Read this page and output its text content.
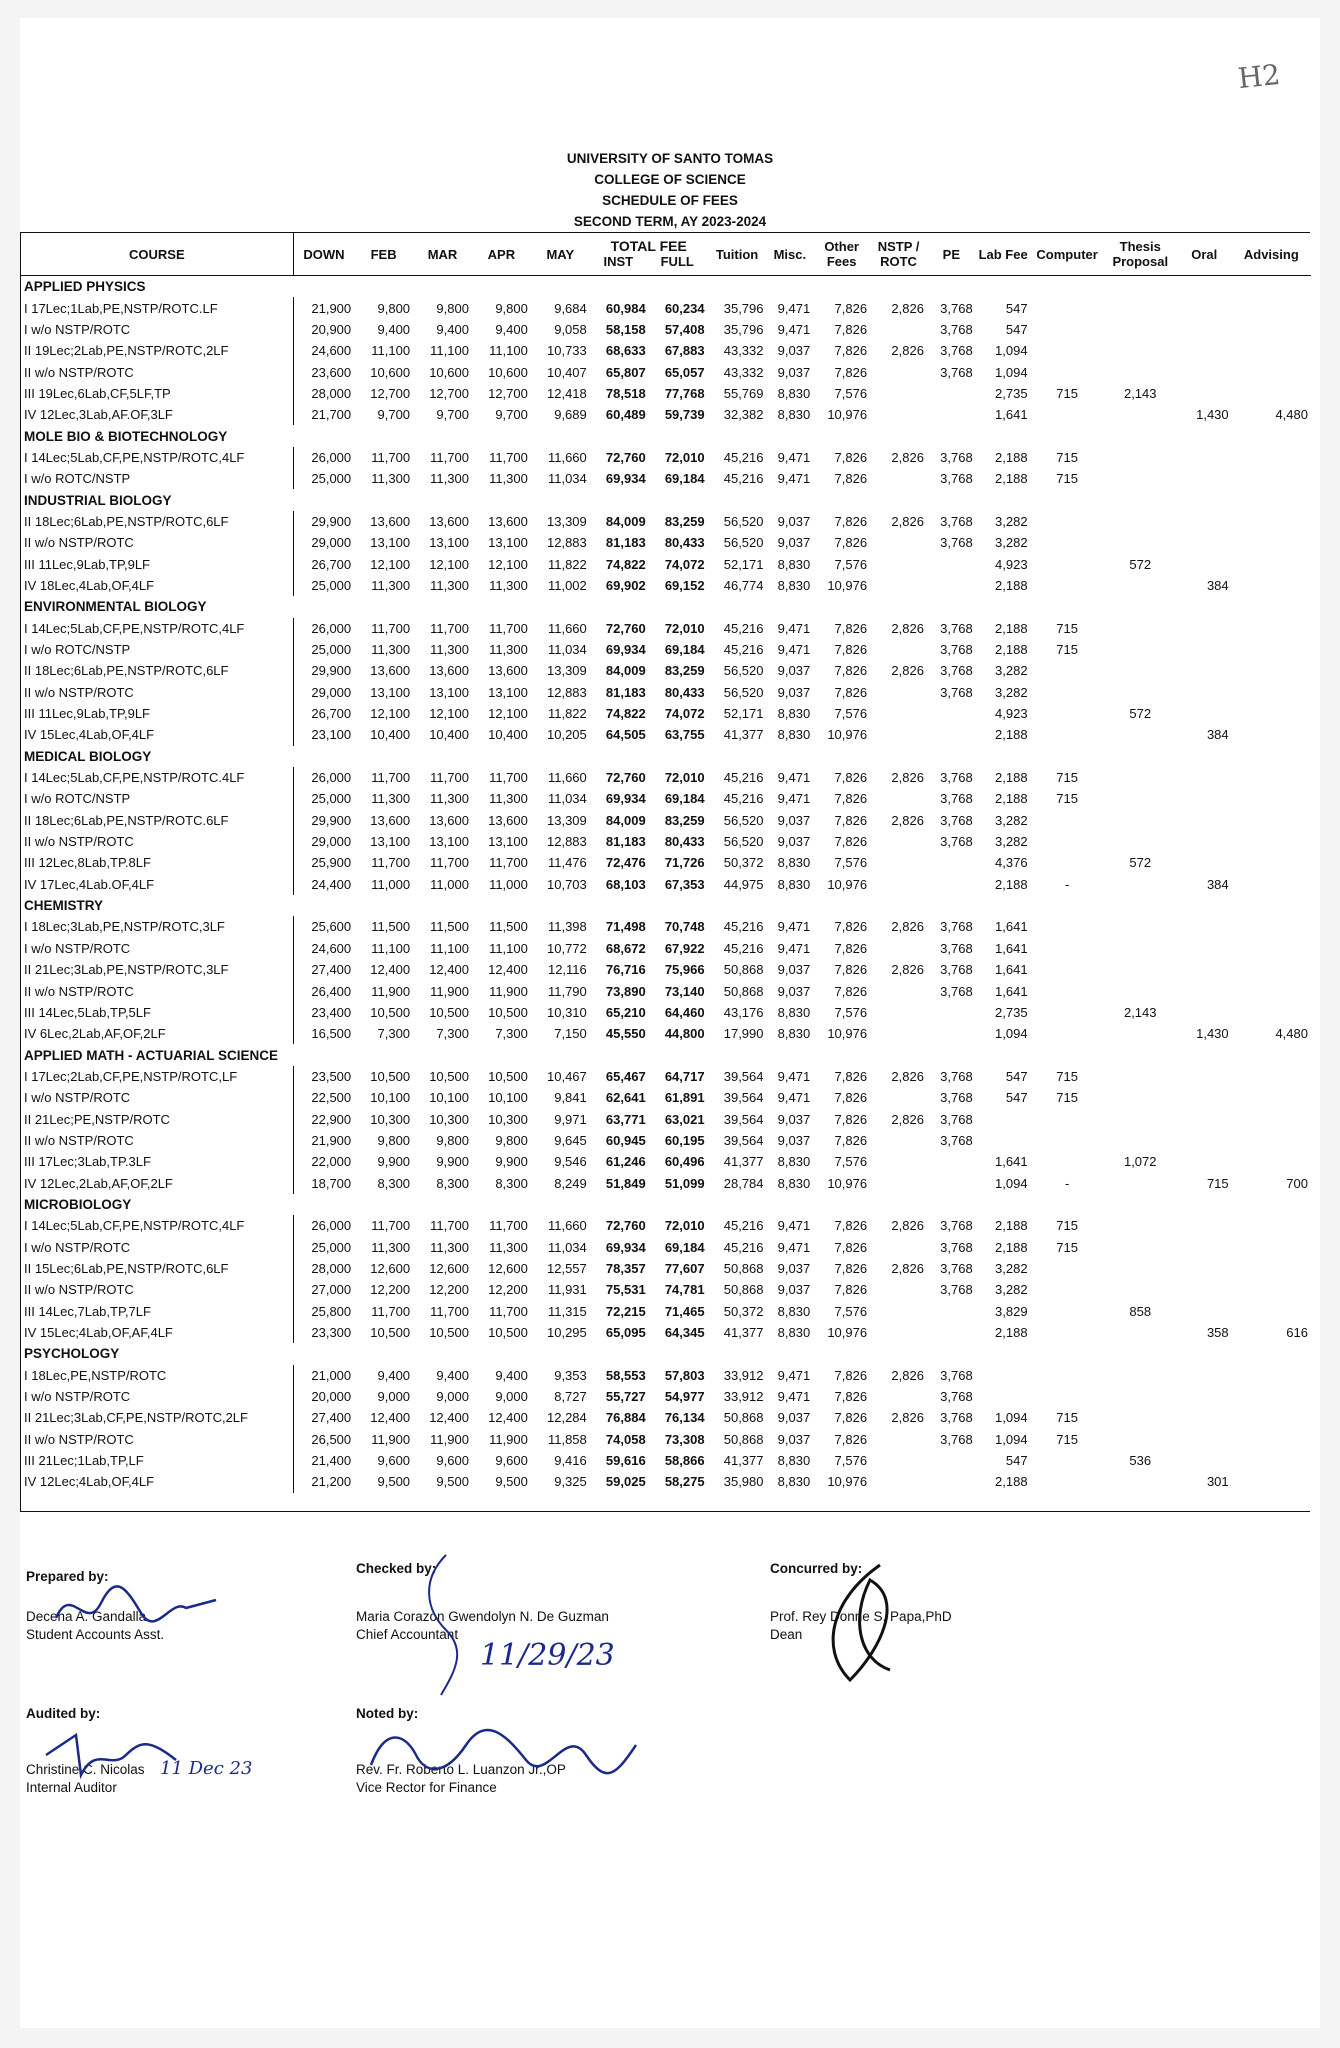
H2
UNIVERSITY OF SANTO TOMAS
COLLEGE OF SCIENCE
SCHEDULE OF FEES
SECOND TERM, AY 2023-2024
COURSE	DOWN	FEB	MAR	APR	MAY	TOTAL FEE
INST FULL		Tuition	Misc.	Other Fees	NSTP / ROTC	PE	Lab Fee	Computer	Thesis Proposal	Oral	Advising
APPLIED PHYSICS																	
I 17Lec;1Lab,PE,NSTP/ROTC.LF	21,900	9,800	9,800	9,800	9,684	60,984	60,234	35,796	9,471	7,826	2,826	3,768	547				
I w/o NSTP/ROTC	20,900	9,400	9,400	9,400	9,058	58,158	57,408	35,796	9,471	7,826		3,768	547				
II 19Lec;2Lab,PE,NSTP/ROTC,2LF	24,600	11,100	11,100	11,100	10,733	68,633	67,883	43,332	9,037	7,826	2,826	3,768	1,094				
II w/o NSTP/ROTC	23,600	10,600	10,600	10,600	10,407	65,807	65,057	43,332	9,037	7,826		3,768	1,094				
III 19Lec,6Lab,CF,5LF,TP	28,000	12,700	12,700	12,700	12,418	78,518	77,768	55,769	8,830	7,576			2,735	715	2,143		
IV 12Lec,3Lab,AF.OF,3LF	21,700	9,700	9,700	9,700	9,689	60,489	59,739	32,382	8,830	10,976			1,641			1,430	4,480
MOLE BIO & BIOTECHNOLOGY																	
I 14Lec;5Lab,CF,PE,NSTP/ROTC,4LF	26,000	11,700	11,700	11,700	11,660	72,760	72,010	45,216	9,471	7,826	2,826	3,768	2,188	715			
I w/o ROTC/NSTP	25,000	11,300	11,300	11,300	11,034	69,934	69,184	45,216	9,471	7,826		3,768	2,188	715			
INDUSTRIAL BIOLOGY																	
II 18Lec;6Lab,PE,NSTP/ROTC,6LF	29,900	13,600	13,600	13,600	13,309	84,009	83,259	56,520	9,037	7,826	2,826	3,768	3,282				
II w/o NSTP/ROTC	29,000	13,100	13,100	13,100	12,883	81,183	80,433	56,520	9,037	7,826		3,768	3,282				
III 11Lec,9Lab,TP,9LF	26,700	12,100	12,100	12,100	11,822	74,822	74,072	52,171	8,830	7,576			4,923		572		
IV 18Lec,4Lab,OF,4LF	25,000	11,300	11,300	11,300	11,002	69,902	69,152	46,774	8,830	10,976			2,188			384	
ENVIRONMENTAL BIOLOGY																	
I 14Lec;5Lab,CF,PE,NSTP/ROTC,4LF	26,000	11,700	11,700	11,700	11,660	72,760	72,010	45,216	9,471	7,826	2,826	3,768	2,188	715			
I w/o ROTC/NSTP	25,000	11,300	11,300	11,300	11,034	69,934	69,184	45,216	9,471	7,826		3,768	2,188	715			
II 18Lec;6Lab,PE,NSTP/ROTC,6LF	29,900	13,600	13,600	13,600	13,309	84,009	83,259	56,520	9,037	7,826	2,826	3,768	3,282				
II w/o NSTP/ROTC	29,000	13,100	13,100	13,100	12,883	81,183	80,433	56,520	9,037	7,826		3,768	3,282				
III 11Lec,9Lab,TP,9LF	26,700	12,100	12,100	12,100	11,822	74,822	74,072	52,171	8,830	7,576			4,923		572		
IV 15Lec,4Lab,OF,4LF	23,100	10,400	10,400	10,400	10,205	64,505	63,755	41,377	8,830	10,976			2,188			384	
MEDICAL BIOLOGY																	
I 14Lec;5Lab,CF,PE,NSTP/ROTC.4LF	26,000	11,700	11,700	11,700	11,660	72,760	72,010	45,216	9,471	7,826	2,826	3,768	2,188	715			
I w/o ROTC/NSTP	25,000	11,300	11,300	11,300	11,034	69,934	69,184	45,216	9,471	7,826		3,768	2,188	715			
II 18Lec;6Lab,PE,NSTP/ROTC.6LF	29,900	13,600	13,600	13,600	13,309	84,009	83,259	56,520	9,037	7,826	2,826	3,768	3,282				
II w/o NSTP/ROTC	29,000	13,100	13,100	13,100	12,883	81,183	80,433	56,520	9,037	7,826		3,768	3,282				
III 12Lec,8Lab,TP.8LF	25,900	11,700	11,700	11,700	11,476	72,476	71,726	50,372	8,830	7,576			4,376		572		
IV 17Lec,4Lab.OF,4LF	24,400	11,000	11,000	11,000	10,703	68,103	67,353	44,975	8,830	10,976			2,188	-		384	
CHEMISTRY																	
I 18Lec;3Lab,PE,NSTP/ROTC,3LF	25,600	11,500	11,500	11,500	11,398	71,498	70,748	45,216	9,471	7,826	2,826	3,768	1,641				
I w/o NSTP/ROTC	24,600	11,100	11,100	11,100	10,772	68,672	67,922	45,216	9,471	7,826		3,768	1,641				
II 21Lec;3Lab,PE,NSTP/ROTC,3LF	27,400	12,400	12,400	12,400	12,116	76,716	75,966	50,868	9,037	7,826	2,826	3,768	1,641				
II w/o NSTP/ROTC	26,400	11,900	11,900	11,900	11,790	73,890	73,140	50,868	9,037	7,826		3,768	1,641				
III 14Lec,5Lab,TP,5LF	23,400	10,500	10,500	10,500	10,310	65,210	64,460	43,176	8,830	7,576			2,735		2,143		
IV 6Lec,2Lab,AF,OF,2LF	16,500	7,300	7,300	7,300	7,150	45,550	44,800	17,990	8,830	10,976			1,094			1,430	4,480
APPLIED MATH - ACTUARIAL SCIENCE																	
I 17Lec;2Lab,CF,PE,NSTP/ROTC,LF	23,500	10,500	10,500	10,500	10,467	65,467	64,717	39,564	9,471	7,826	2,826	3,768	547	715			
I w/o NSTP/ROTC	22,500	10,100	10,100	10,100	9,841	62,641	61,891	39,564	9,471	7,826		3,768	547	715			
II 21Lec;PE,NSTP/ROTC	22,900	10,300	10,300	10,300	9,971	63,771	63,021	39,564	9,037	7,826	2,826	3,768					
II w/o NSTP/ROTC	21,900	9,800	9,800	9,800	9,645	60,945	60,195	39,564	9,037	7,826		3,768					
III 17Lec;3Lab,TP.3LF	22,000	9,900	9,900	9,900	9,546	61,246	60,496	41,377	8,830	7,576			1,641		1,072		
IV 12Lec,2Lab,AF,OF,2LF	18,700	8,300	8,300	8,300	8,249	51,849	51,099	28,784	8,830	10,976			1,094	-		715	700
MICROBIOLOGY																	
I 14Lec;5Lab,CF,PE,NSTP/ROTC,4LF	26,000	11,700	11,700	11,700	11,660	72,760	72,010	45,216	9,471	7,826	2,826	3,768	2,188	715			
I w/o NSTP/ROTC	25,000	11,300	11,300	11,300	11,034	69,934	69,184	45,216	9,471	7,826		3,768	2,188	715			
II 15Lec;6Lab,PE,NSTP/ROTC,6LF	28,000	12,600	12,600	12,600	12,557	78,357	77,607	50,868	9,037	7,826	2,826	3,768	3,282				
II w/o NSTP/ROTC	27,000	12,200	12,200	12,200	11,931	75,531	74,781	50,868	9,037	7,826		3,768	3,282				
III 14Lec,7Lab,TP,7LF	25,800	11,700	11,700	11,700	11,315	72,215	71,465	50,372	8,830	7,576			3,829		858		
IV 15Lec;4Lab,OF,AF,4LF	23,300	10,500	10,500	10,500	10,295	65,095	64,345	41,377	8,830	10,976			2,188			358	616
PSYCHOLOGY																	
I 18Lec,PE,NSTP/ROTC	21,000	9,400	9,400	9,400	9,353	58,553	57,803	33,912	9,471	7,826	2,826	3,768					
I w/o NSTP/ROTC	20,000	9,000	9,000	9,000	8,727	55,727	54,977	33,912	9,471	7,826		3,768					
II 21Lec;3Lab,CF,PE,NSTP/ROTC,2LF	27,400	12,400	12,400	12,400	12,284	76,884	76,134	50,868	9,037	7,826	2,826	3,768	1,094	715			
II w/o NSTP/ROTC	26,500	11,900	11,900	11,900	11,858	74,058	73,308	50,868	9,037	7,826		3,768	1,094	715			
III 21Lec;1Lab,TP,LF	21,400	9,600	9,600	9,600	9,416	59,616	58,866	41,377	8,830	7,576			547		536		
IV 12Lec;4Lab,OF,4LF	21,200	9,500	9,500	9,500	9,325	59,025	58,275	35,980	8,830	10,976			2,188			301	
Prepared by:
Decena A. Gandalla
Student Accounts Asst.
Checked by:
Maria Corazon Gwendolyn N. De Guzman
Chief Accountant
11/29/23
Concurred by:
Prof. Rey Donne S. Papa,PhD
Dean
Audited by:
Christine C. Nicolas
Internal Auditor
11 Dec 23
Noted by:
Rev. Fr. Roberto L. Luanzon Jr.,OP
Vice Rector for Finance
